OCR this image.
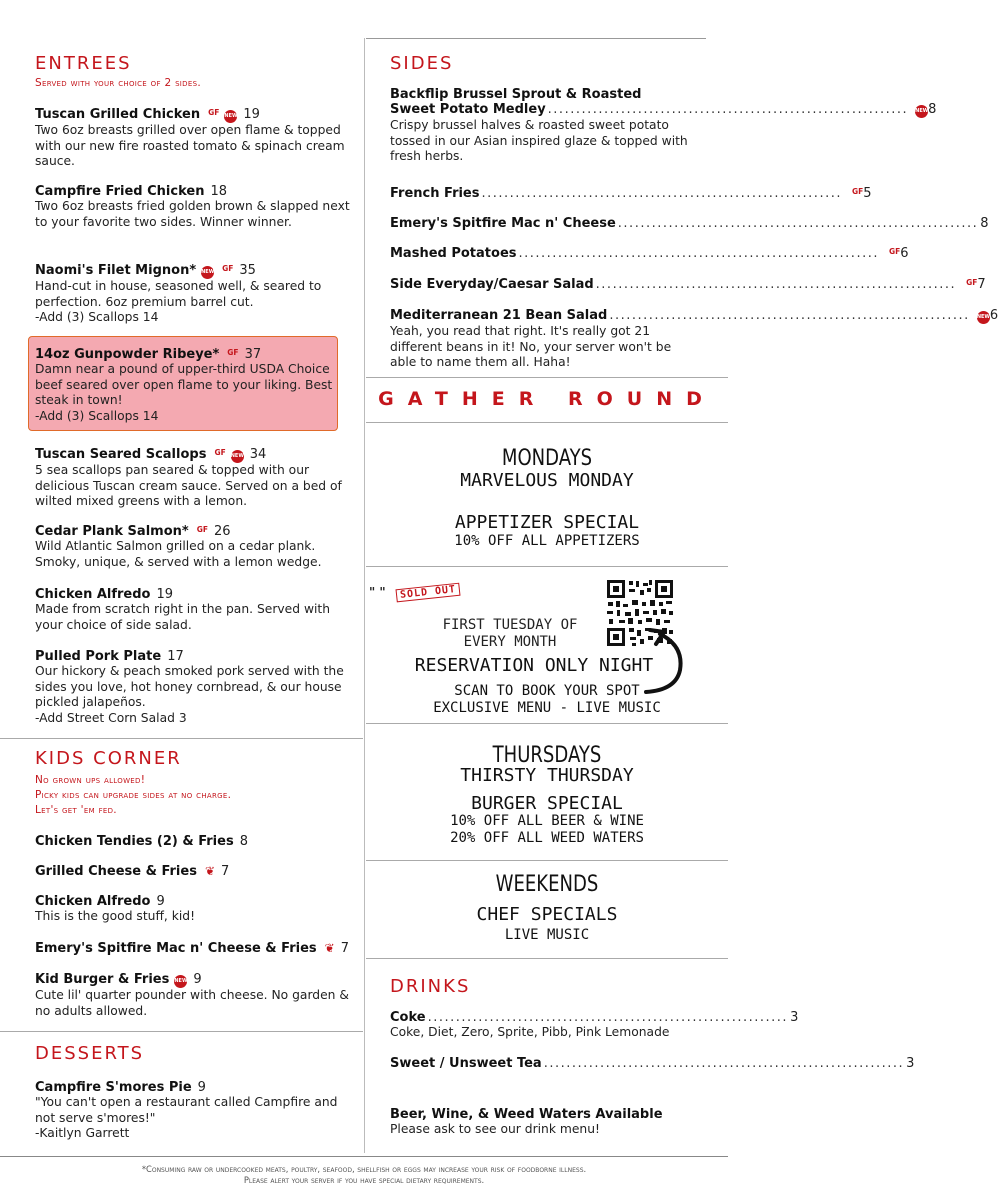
ENTREES
Served with your choice of 2 sides.
Tuscan Grilled Chicken GF NEW 19
Two 6oz breasts grilled over open flame & topped with our new fire roasted tomato & spinach cream sauce.
Campfire Fried Chicken 18
Two 6oz breasts fried golden brown & slapped next to your favorite two sides. Winner winner.
Naomi's Filet Mignon* NEW GF 35
Hand-cut in house, seasoned well, & seared to perfection. 6oz premium barrel cut.
-Add (3) Scallops 14
14oz Gunpowder Ribeye* GF 37
Damn near a pound of upper-third USDA Choice beef seared over open flame to your liking. Best steak in town!
-Add (3) Scallops 14
Tuscan Seared Scallops GF NEW 34
5 sea scallops pan seared & topped with our delicious Tuscan cream sauce. Served on a bed of wilted mixed greens with a lemon.
Cedar Plank Salmon* GF 26
Wild Atlantic Salmon grilled on a cedar plank. Smoky, unique, & served with a lemon wedge.
Chicken Alfredo 19
Made from scratch right in the pan. Served with your choice of side salad.
Pulled Pork Plate 17
Our hickory & peach smoked pork served with the sides you love, hot honey cornbread, & our house pickled jalapeños.
-Add Street Corn Salad 3
KIDS CORNER
No grown ups allowed!
Picky kids can upgrade sides at no charge.
Let's get 'em fed.
Chicken Tendies (2) & Fries 8
Grilled Cheese & Fries ❦ 7
Chicken Alfredo 9
This is the good stuff, kid!
Emery's Spitfire Mac n' Cheese & Fries ❦ 7
Kid Burger & Fries NEW 9
Cute lil' quarter pounder with cheese. No garden & no adults allowed.
DESSERTS
Campfire S'mores Pie 9
"You can't open a restaurant called Campfire and not serve s'mores!"
-Kaitlyn Garrett
SIDES
Backflip Brussel Sprout & Roasted
Sweet Potato Medley ................................................................	NEW 8
Crispy brussel halves & roasted sweet potato tossed in our Asian inspired glaze & topped with fresh herbs.
French Fries ................................................................	$^{GF}$ 5
Emery's Spitfire Mac n' Cheese ................................................................ 8
Mashed Potatoes ................................................................	$^{GF}$ 6
Side Everyday/Caesar Salad ................................................................	$^{GF}$ 7
Mediterranean 21 Bean Salad ................................................................	NEW 6
Yeah, you read that right. It's really got 21 different beans in it! No, your server won't be able to name them all. Haha!
GATHER ROUND
MONDAYS
MARVELOUS MONDAY
APPETIZER SPECIAL
10% OFF ALL APPETIZERS
" "	SOLD OUT
FIRST TUESDAY OF
EVERY MONTH
RESERVATION ONLY NIGHT
SCAN TO BOOK YOUR SPOT
EXCLUSIVE MENU - LIVE MUSIC
THURSDAYS
THIRSTY THURSDAY
BURGER SPECIAL
10% OFF ALL BEER & WINE
20% OFF ALL WEED WATERS
WEEKENDS
CHEF SPECIALS
LIVE MUSIC
DRINKS
Coke ................................................................ 3
Coke, Diet, Zero, Sprite, Pibb, Pink Lemonade
Sweet / Unsweet Tea ................................................................ 3
Beer, Wine, & Weed Waters Available
Please ask to see our drink menu!
*Consuming raw or undercooked meats, poultry, seafood, shellfish or eggs may increase your risk of foodborne illness.
Please alert your server if you have special dietary requirements.
